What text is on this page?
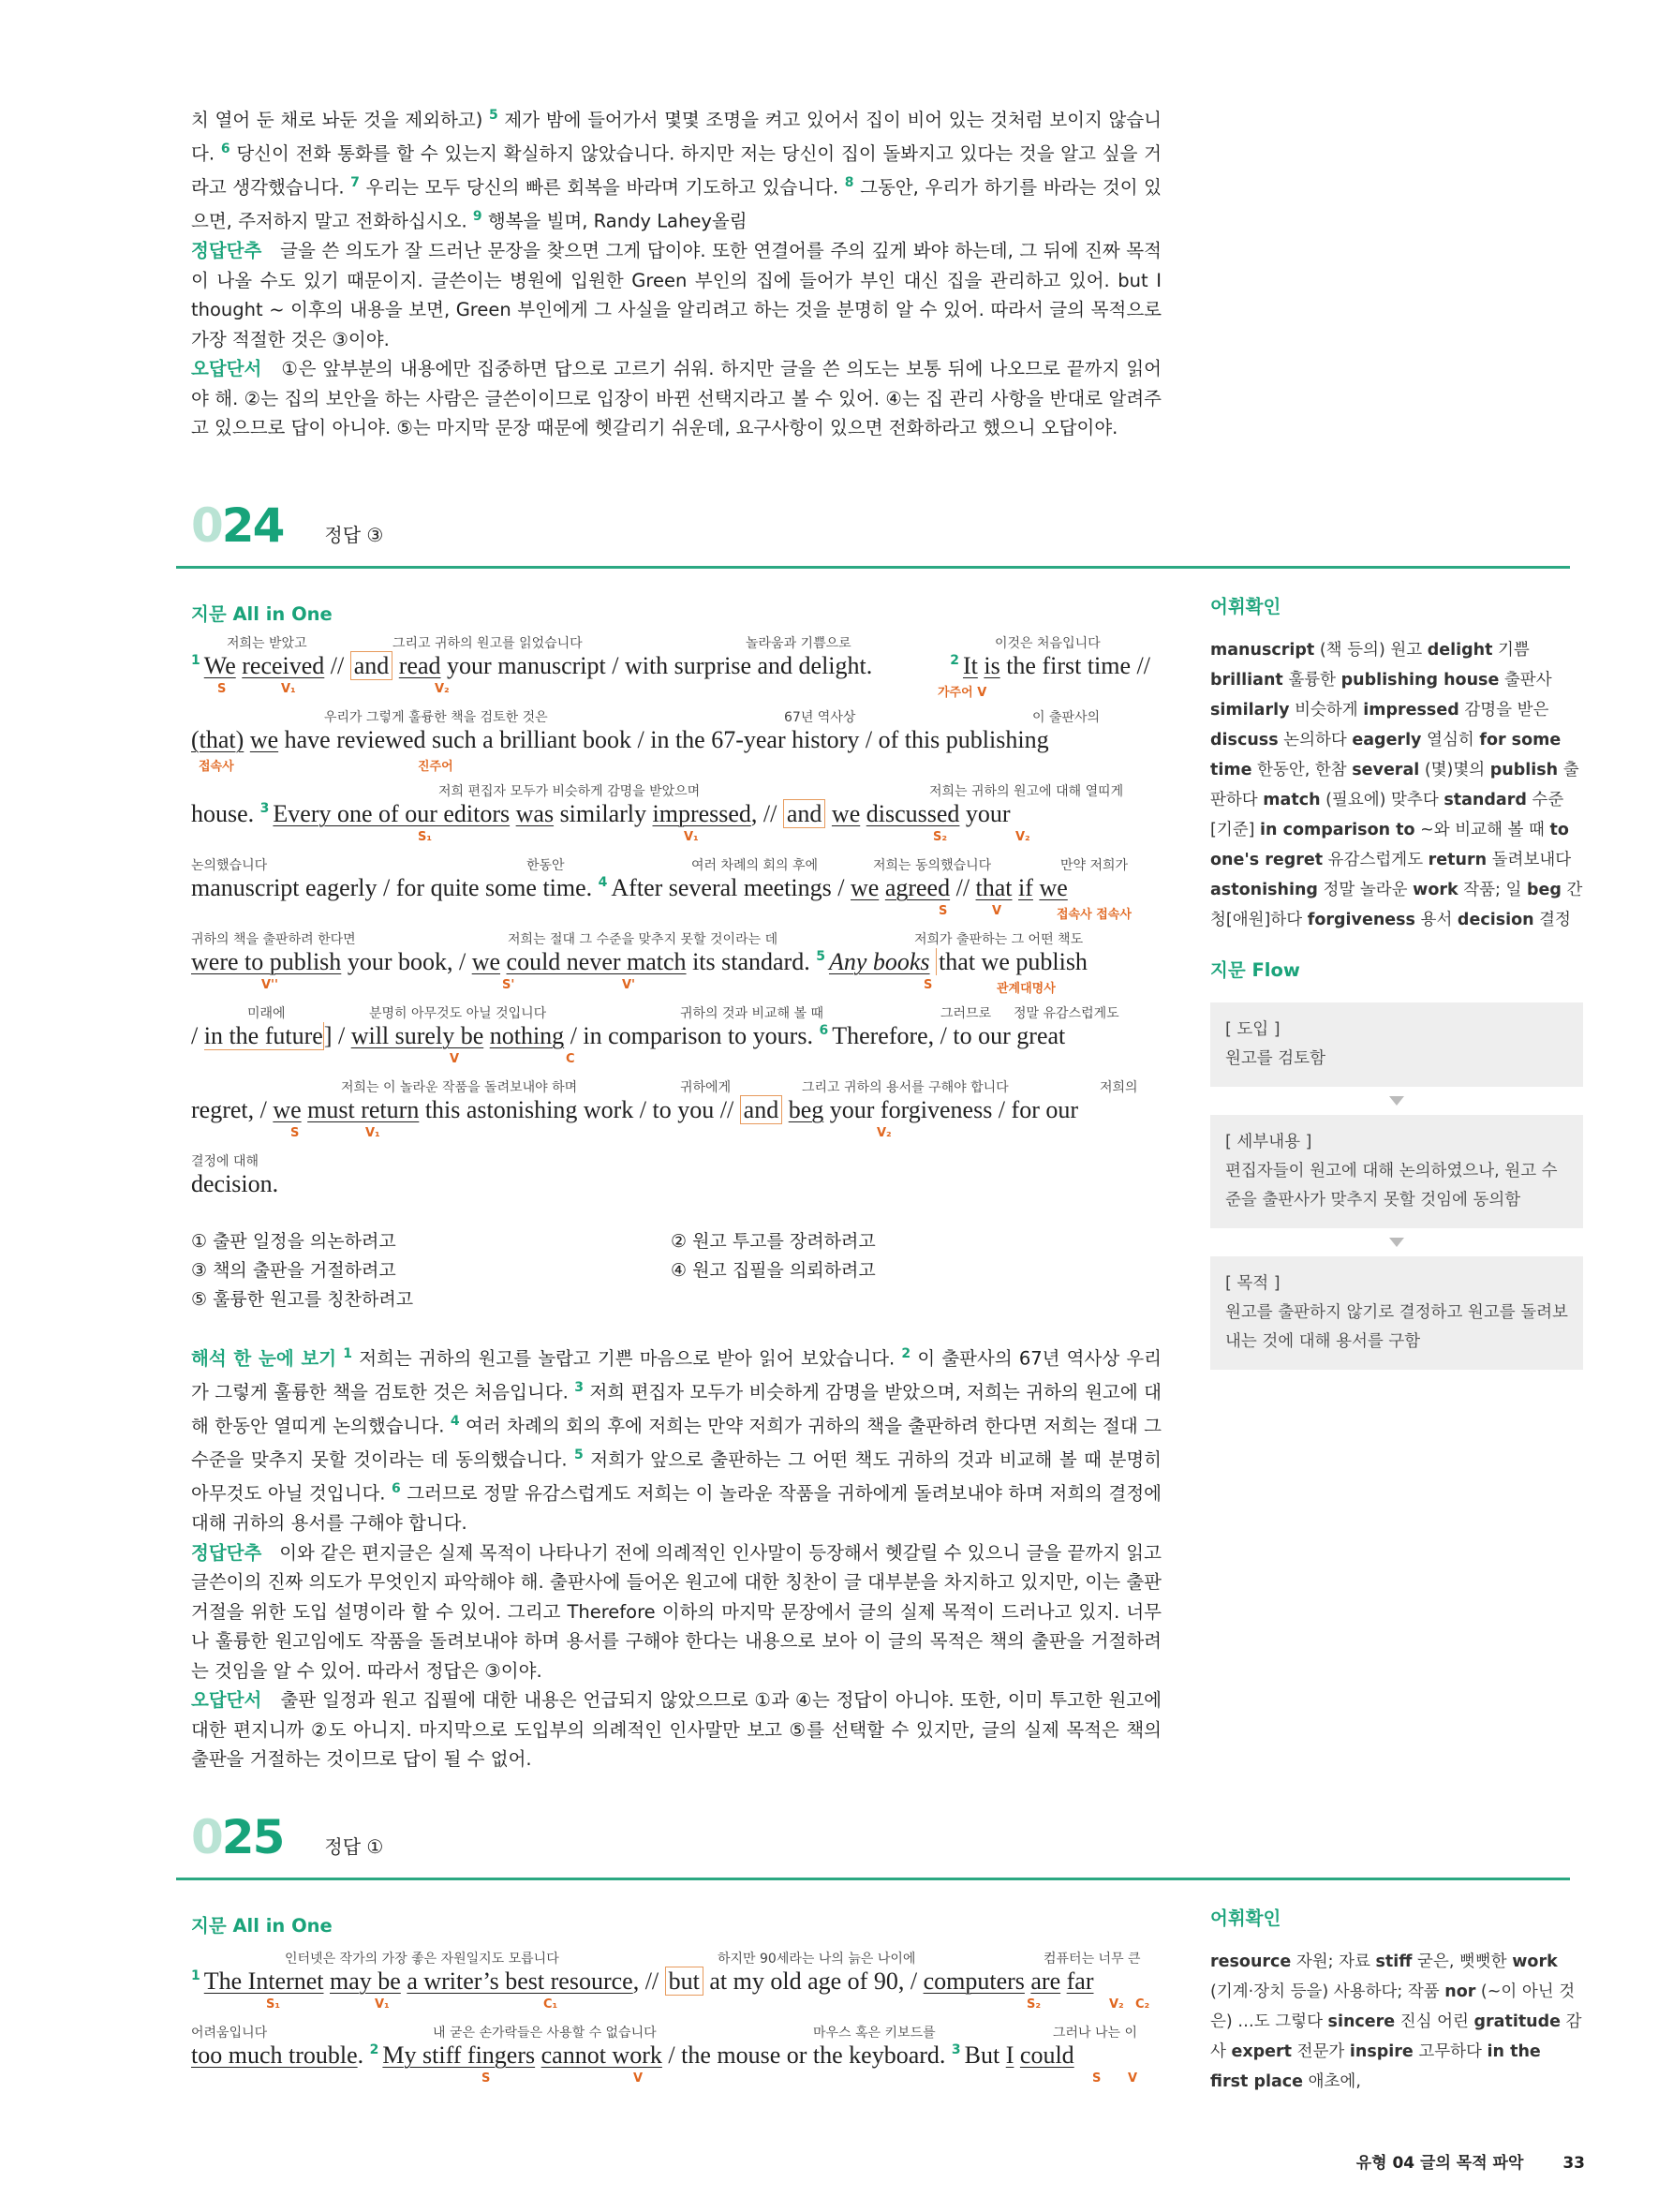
치 열어 둔 채로 놔둔 것을 제외하고) $^5$ 제가 밤에 들어가서 몇몇 조명을 켜고 있어서 집이 비어 있는 것처럼 보이지 않습니다. $^6$ 당신이 전화 통화를 할 수 있는지 확실하지 않았습니다. 하지만 저는 당신이 집이 돌봐지고 있다는 것을 알고 싶을 거라고 생각했습니다. $^7$ 우리는 모두 당신의 빠른 회복을 바라며 기도하고 있습니다. $^8$ 그동안, 우리가 하기를 바라는 것이 있으면, 주저하지 말고 전화하십시오. $^9$ 행복을 빌며, Randy Lahey올림

정답단추 글을 쓴 의도가 잘 드러난 문장을 찾으면 그게 답이야. 또한 연결어를 주의 깊게 봐야 하는데, 그 뒤에 진짜 목적이 나올 수도 있기 때문이지. 글쓴이는 병원에 입원한 Green 부인의 집에 들어가 부인 대신 집을 관리하고 있어. but I thought ~ 이후의 내용을 보면, Green 부인에게 그 사실을 알리려고 하는 것을 분명히 알 수 있어. 따라서 글의 목적으로 가장 적절한 것은 ③이야.

오답단서 ①은 앞부분의 내용에만 집중하면 답으로 고르기 쉬워. 하지만 글을 쓴 의도는 보통 뒤에 나오므로 끝까지 읽어야 해. ②는 집의 보안을 하는 사람은 글쓴이이므로 입장이 바뀐 선택지라고 볼 수 있어. ④는 집 관리 사항을 반대로 알려주고 있으므로 답이 아니야. ⑤는 마지막 문장 때문에 헷갈리기 쉬운데, 요구사항이 있으면 전화하라고 했으니 오답이야.

024 정답 ③
지문 All in One
저희는 받았고	그리고 귀하의 원고를 읽었습니다	놀라움과 기쁨으로	이것은 처음입니다
$^1$ We received // and read your manuscript / with surprise and delight.	$^2$ It is the first time //
S	V₁	V₂	가주어 V
우리가 그렇게 훌륭한 책을 검토한 것은	67년 역사상	이 출판사의
(that) we have reviewed such a brilliant book / in the 67-year history / of this publishing
접속사	진주어
저희 편집자 모두가 비슷하게 감명을 받았으며	저희는 귀하의 원고에 대해 열띠게
house. $^3$ Every one of our editors was similarly impressed, // and we discussed your
S₁	V₁	S₂	V₂
논의했습니다	한동안	여러 차례의 회의 후에	저희는 동의했습니다	만약 저희가
manuscript eagerly / for quite some time. $^4$ After several meetings / we agreed // that if we
S	V	접속사 접속사
귀하의 책을 출판하려 한다면	저희는 절대 그 수준을 맞추지 못할 것이라는 데	저희가 출판하는 그 어떤 책도
were to publish your book, / we could never match its standard. $^5$ Any books that we publish
V''	S'	V'	S	관계대명사
미래에	분명히 아무것도 아닐 것입니다	귀하의 것과 비교해 볼 때	그러므로 정말 유감스럽게도
/ in the future] / will surely be nothing / in comparison to yours. $^6$ Therefore, / to our great
V	C
저희는 이 놀라운 작품을 돌려보내야 하며	귀하에게	그리고 귀하의 용서를 구해야 합니다	저희의
regret, / we must return this astonishing work / to you // and beg your forgiveness / for our
S	V₁	V₂
결정에 대해
decision.
① 출판 일정을 의논하려고	② 원고 투고를 장려하려고
③ 책의 출판을 거절하려고	④ 원고 집필을 의뢰하려고
⑤ 훌륭한 원고를 칭찬하려고

해석 한 눈에 보기 $^1$ 저희는 귀하의 원고를 놀랍고 기쁜 마음으로 받아 읽어 보았습니다. $^2$ 이 출판사의 67년 역사상 우리가 그렇게 훌륭한 책을 검토한 것은 처음입니다. $^3$ 저희 편집자 모두가 비슷하게 감명을 받았으며, 저희는 귀하의 원고에 대해 한동안 열띠게 논의했습니다. $^4$ 여러 차례의 회의 후에 저희는 만약 저희가 귀하의 책을 출판하려 한다면 저희는 절대 그 수준을 맞추지 못할 것이라는 데 동의했습니다. $^5$ 저희가 앞으로 출판하는 그 어떤 책도 귀하의 것과 비교해 볼 때 분명히 아무것도 아닐 것입니다. $^6$ 그러므로 정말 유감스럽게도 저희는 이 놀라운 작품을 귀하에게 돌려보내야 하며 저희의 결정에 대해 귀하의 용서를 구해야 합니다.

정답단추 이와 같은 편지글은 실제 목적이 나타나기 전에 의례적인 인사말이 등장해서 헷갈릴 수 있으니 글을 끝까지 읽고 글쓴이의 진짜 의도가 무엇인지 파악해야 해. 출판사에 들어온 원고에 대한 칭찬이 글 대부분을 차지하고 있지만, 이는 출판 거절을 위한 도입 설명이라 할 수 있어. 그리고 Therefore 이하의 마지막 문장에서 글의 실제 목적이 드러나고 있지. 너무나 훌륭한 원고임에도 작품을 돌려보내야 하며 용서를 구해야 한다는 내용으로 보아 이 글의 목적은 책의 출판을 거절하려는 것임을 알 수 있어. 따라서 정답은 ③이야.

오답단서 출판 일정과 원고 집필에 대한 내용은 언급되지 않았으므로 ①과 ④는 정답이 아니야. 또한, 이미 투고한 원고에 대한 편지니까 ②도 아니지. 마지막으로 도입부의 의례적인 인사말만 보고 ⑤를 선택할 수 있지만, 글의 실제 목적은 책의 출판을 거절하는 것이므로 답이 될 수 없어.

어휘확인
manuscript (책 등의) 원고 delight 기쁨 brilliant 훌륭한 publishing house 출판사 similarly 비슷하게 impressed 감명을 받은 discuss 논의하다 eagerly 열심히 for some time 한동안, 한참 several (몇)몇의 publish 출판하다 match (필요에) 맞추다 standard 수준[기준] in comparison to ~와 비교해 볼 때 to one's regret 유감스럽게도 return 돌려보내다 astonishing 정말 놀라운 work 작품; 일 beg 간청[애원]하다 forgiveness 용서 decision 결정
지문 Flow
[ 도입 ]
원고를 검토함
[ 세부내용 ]
편집자들이 원고에 대해 논의하였으나, 원고 수준을 출판사가 맞추지 못할 것임에 동의함
[ 목적 ]
원고를 출판하지 않기로 결정하고 원고를 돌려보내는 것에 대해 용서를 구함
025 정답 ①
지문 All in One
인터넷은 작가의 가장 좋은 자원일지도 모릅니다	하지만 90세라는 나의 늙은 나이에	컴퓨터는 너무 큰
$^1$ The Internet may be a writer’s best resource, // but at my old age of 90, / computers are far
S₁	V₁	C₁	S₂	V₂ C₂
어려움입니다	내 굳은 손가락들은 사용할 수 없습니다	마우스 혹은 키보드를	그러나 나는 이
too much trouble. $^2$ My stiff fingers cannot work / the mouse or the keyboard. $^3$ But I could
S	V	S V
어휘확인
resource 자원; 자료 stiff 굳은, 뻣뻣한 work (기계·장치 등을) 사용하다; 작품 nor (~이 아닌 것은) …도 그렇다 sincere 진심 어린 gratitude 감사 expert 전문가 inspire 고무하다 in the first place 애초에,
유형 04 글의 목적 파악 33
